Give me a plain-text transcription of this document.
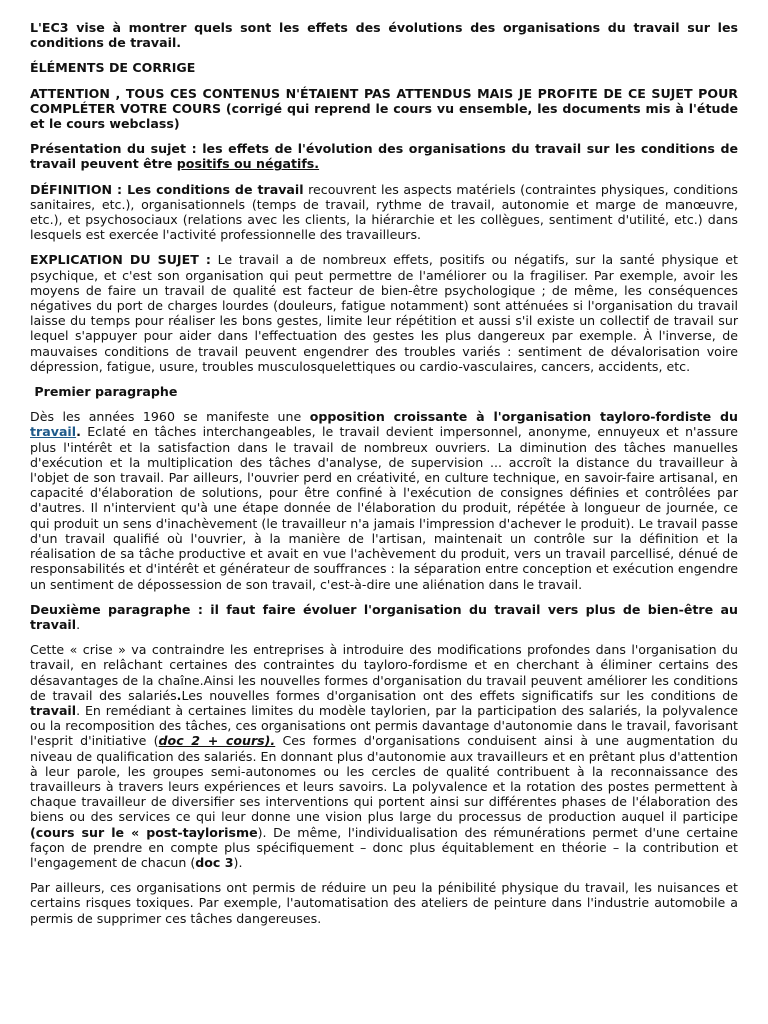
L'EC3 vise à montrer quels sont les effets des évolutions des organisations du travail sur les conditions de travail.

ÉLÉMENTS DE CORRIGE

ATTENTION , TOUS CES CONTENUS N'ÉTAIENT PAS ATTENDUS MAIS JE PROFITE DE CE SUJET POUR COMPLÉTER VOTRE COURS (corrigé qui reprend le cours vu ensemble, les documents mis à l'étude et le cours webclass)

Présentation du sujet : les effets de l'évolution des organisations du travail sur les conditions de travail peuvent être positifs ou négatifs.

DÉFINITION : Les conditions de travail recouvrent les aspects matériels (contraintes physiques, conditions sanitaires, etc.), organisationnels (temps de travail, rythme de travail, autonomie et marge de manœuvre, etc.), et psychosociaux (relations avec les clients, la hiérarchie et les collègues, sentiment d'utilité, etc.) dans lesquels est exercée l'activité professionnelle des travailleurs.

EXPLICATION DU SUJET : Le travail a de nombreux effets, positifs ou négatifs, sur la santé physique et psychique, et c'est son organisation qui peut permettre de l'améliorer ou la fragiliser. Par exemple, avoir les moyens de faire un travail de qualité est facteur de bien-être psychologique ; de même, les conséquences négatives du port de charges lourdes (douleurs, fatigue notamment) sont atténuées si l'organisation du travail laisse du temps pour réaliser les bons gestes, limite leur répétition et aussi s'il existe un collectif de travail sur lequel s'appuyer pour aider dans l'effectuation des gestes les plus dangereux par exemple. À l'inverse, de mauvaises conditions de travail peuvent engendrer des troubles variés : sentiment de dévalorisation voire dépression, fatigue, usure, troubles musculosquelettiques ou cardio-vasculaires, cancers, accidents, etc.

Premier paragraphe

Dès les années 1960 se manifeste une opposition croissante à l'organisation tayloro-fordiste du travail. Eclaté en tâches interchangeables, le travail devient impersonnel, anonyme, ennuyeux et n'assure plus l'intérêt et la satisfaction dans le travail de nombreux ouvriers. La diminution des tâches manuelles d'exécution et la multiplication des tâches d'analyse, de supervision ... accroît la distance du travailleur à l'objet de son travail. Par ailleurs, l'ouvrier perd en créativité, en culture technique, en savoir-faire artisanal, en capacité d'élaboration de solutions, pour être confiné à l'exécution de consignes définies et contrôlées par d'autres. Il n'intervient qu'à une étape donnée de l'élaboration du produit, répétée à longueur de journée, ce qui produit un sens d'inachèvement (le travailleur n'a jamais l'impression d'achever le produit). Le travail passe d'un travail qualifié où l'ouvrier, à la manière de l'artisan, maintenait un contrôle sur la définition et la réalisation de sa tâche productive et avait en vue l'achèvement du produit, vers un travail parcellisé, dénué de responsabilités et d'intérêt et générateur de souffrances : la séparation entre conception et exécution engendre un sentiment de dépossession de son travail, c'est-à-dire une aliénation dans le travail.

Deuxième paragraphe : il faut faire évoluer l'organisation du travail vers plus de bien-être au travail.

Cette « crise » va contraindre les entreprises à introduire des modifications profondes dans l'organisation du travail, en relâchant certaines des contraintes du tayloro-fordisme et en cherchant à éliminer certains des désavantages de la chaîne.Ainsi les nouvelles formes d'organisation du travail peuvent améliorer les conditions de travail des salariés.Les nouvelles formes d'organisation ont des effets significatifs sur les conditions de travail. En remédiant à certaines limites du modèle taylorien, par la participation des salariés, la polyvalence ou la recomposition des tâches, ces organisations ont permis davantage d'autonomie dans le travail, favorisant l'esprit d'initiative (doc 2 + cours). Ces formes d'organisations conduisent ainsi à une augmentation du niveau de qualification des salariés. En donnant plus d'autonomie aux travailleurs et en prêtant plus d'attention à leur parole, les groupes semi-autonomes ou les cercles de qualité contribuent à la reconnaissance des travailleurs à travers leurs expériences et leurs savoirs. La polyvalence et la rotation des postes permettent à chaque travailleur de diversifier ses interventions qui portent ainsi sur différentes phases de l'élaboration des biens ou des services ce qui leur donne une vision plus large du processus de production auquel il participe (cours sur le « post-taylorisme). De même, l'individualisation des rémunérations permet d'une certaine façon de prendre en compte plus spécifiquement – donc plus équitablement en théorie – la contribution et l'engagement de chacun (doc 3).

Par ailleurs, ces organisations ont permis de réduire un peu la pénibilité physique du travail, les nuisances et certains risques toxiques. Par exemple, l'automatisation des ateliers de peinture dans l'industrie automobile a permis de supprimer ces tâches dangereuses.
